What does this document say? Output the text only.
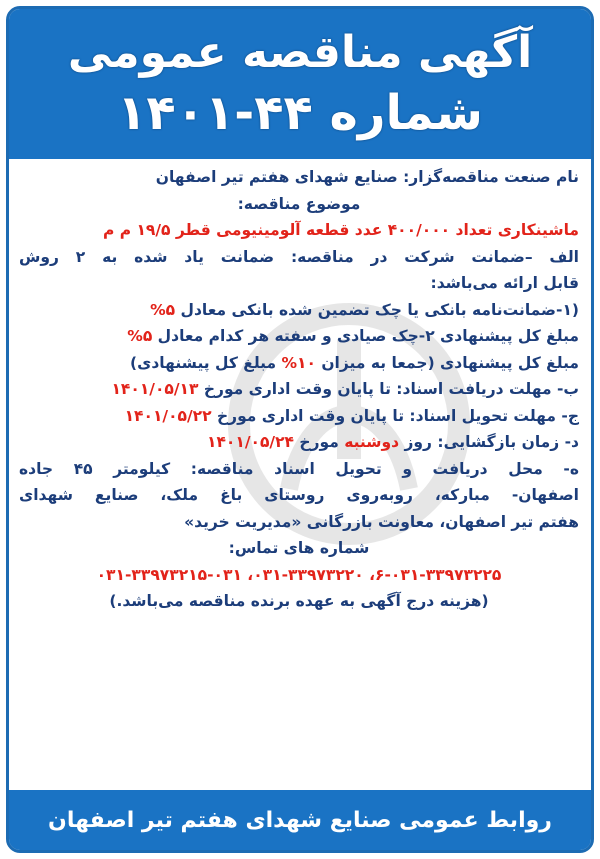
آگهی مناقصه عمومی
شماره ۴۴-۱۴۰۱
نام صنعت مناقصه‌گزار: صنایع شهدای هفتم تیر اصفهان
موضوع مناقصه:
ماشینکاری تعداد ۴۰۰/۰۰۰ عدد قطعه آلومینیومی قطر ۱۹/۵ م م
الف –ضمانت شرکت در مناقصه: ضمانت یاد شده به ۲ روش
قابل ارائه می‌باشد:
(۱-ضمانت‌نامه بانکی یا چک تضمین شده بانکی معادل ۵%
مبلغ کل پیشنهادی ۲-چک صیادی و سفته هر کدام معادل ۵%
مبلغ کل پیشنهادی (جمعا به میزان ۱۰% مبلغ کل پیشنهادی)
ب- مهلت دریافت اسناد: تا پایان وقت اداری مورخ ۱۴۰۱/۰۵/۱۳
ج- مهلت تحویل اسناد: تا پایان وقت اداری مورخ ۱۴۰۱/۰۵/۲۲
د- زمان بازگشایی: روز دوشنبه مورخ ۱۴۰۱/۰۵/۲۴
ه- محل دریافت و تحویل اسناد مناقصه: کیلومتر ۴۵ جاده
اصفهان- مبارکه، روبه‌روی روستای باغ ملک، صنایع شهدای
هفتم تیر اصفهان، معاونت بازرگانی «مدیریت خرید»
شماره های تماس:
۶-۰۳۱-۳۳۹۷۳۲۲۵، ۰۳۱-۳۳۹۷۳۲۲۰، ۰۳۱-۳۳۹۷۳۲۱۵-۰۳۱
(هزینه درج آگهی به عهده برنده مناقصه می‌باشد.)
روابط عمومی صنایع شهدای هفتم تیر اصفهان
